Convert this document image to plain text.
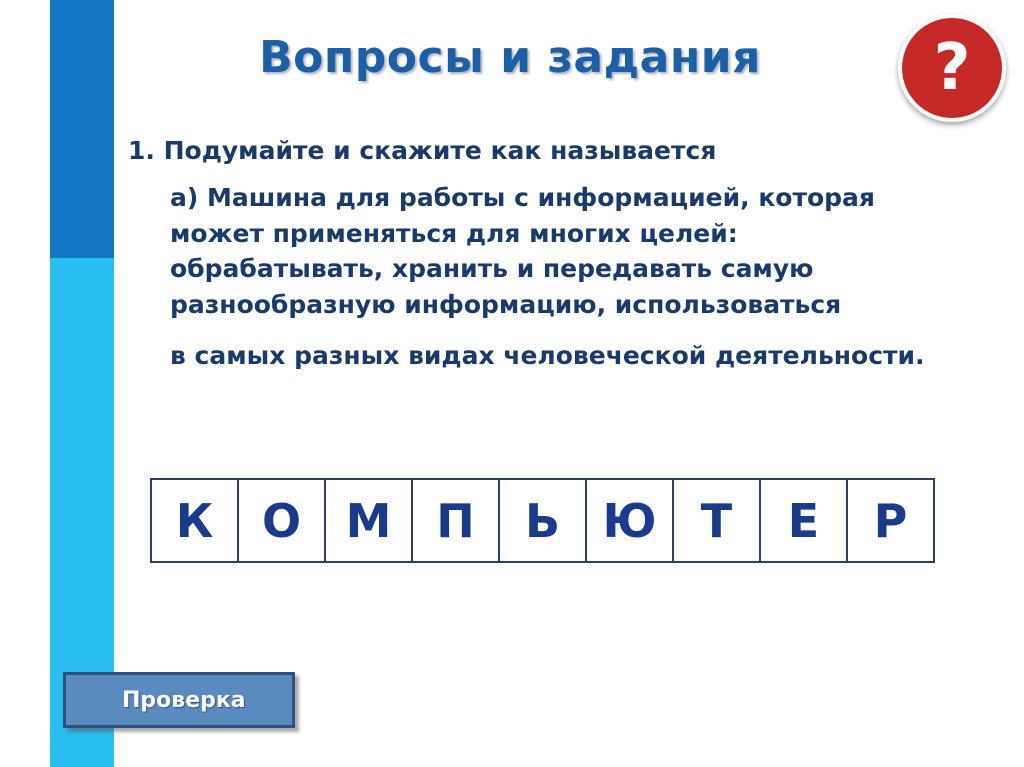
Вопросы и задания	?
1. Подумайте и скажите как называется
а) Машина для работы с информацией, которая может применяться для многих целей: обрабатывать, хранить и передавать самую разнообразную информацию, использоваться
в самых разных видах человеческой деятельности.
К	О М П	Ь Ю Т	Е	Р
Проверка
